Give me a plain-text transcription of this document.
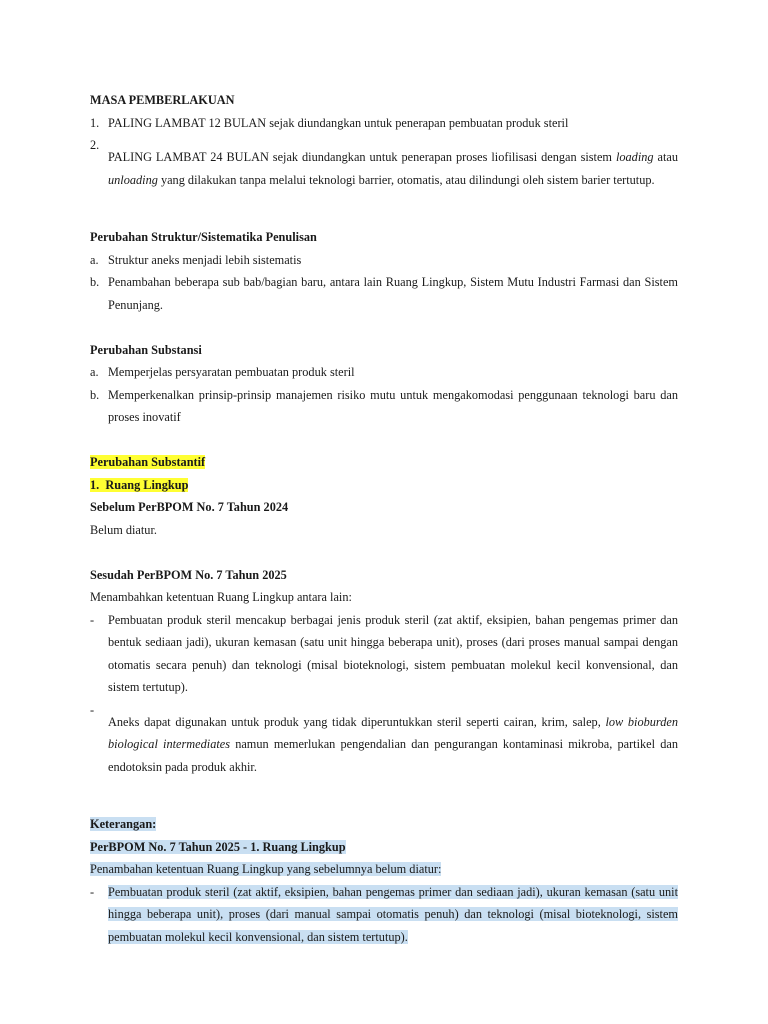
MASA PEMBERLAKUAN
1. PALING LAMBAT 12 BULAN sejak diundangkan untuk penerapan pembuatan produk steril
2.

PALING LAMBAT 24 BULAN sejak diundangkan untuk penerapan proses liofilisasi dengan sistem loading atau unloading yang dilakukan tanpa melalui teknologi barrier, otomatis, atau dilindungi oleh sistem barier tertutup.

Perubahan Struktur/Sistematika Penulisan
a. Struktur aneks menjadi lebih sistematis
b. Penambahan beberapa sub bab/bagian baru, antara lain Ruang Lingkup, Sistem Mutu Industri Farmasi dan Sistem Penunjang.
Perubahan Substansi
a. Memperjelas persyaratan pembuatan produk steril
b. Memperkenalkan prinsip-prinsip manajemen risiko mutu untuk mengakomodasi penggunaan teknologi baru dan proses inovatif
Perubahan Substantif
1.  Ruang Lingkup
Sebelum PerBPOM No. 7 Tahun 2024
Belum diatur.
Sesudah PerBPOM No. 7 Tahun 2025
Menambahkan ketentuan Ruang Lingkup antara lain:
-	Pembuatan produk steril mencakup berbagai jenis produk steril (zat aktif, eksipien, bahan pengemas primer dan bentuk sediaan jadi), ukuran kemasan (satu unit hingga beberapa unit), proses (dari proses manual sampai dengan otomatis secara penuh) dan teknologi (misal bioteknologi, sistem pembuatan molekul kecil konvensional, dan sistem tertutup).
-

Aneks dapat digunakan untuk produk yang tidak diperuntukkan steril seperti cairan, krim, salep, low bioburden biological intermediates namun memerlukan pengendalian dan pengurangan kontaminasi mikroba, partikel dan endotoksin pada produk akhir.

Keterangan:
PerBPOM No. 7 Tahun 2025 - 1. Ruang Lingkup
Penambahan ketentuan Ruang Lingkup yang sebelumnya belum diatur:
-	Pembuatan produk steril (zat aktif, eksipien, bahan pengemas primer dan sediaan jadi), ukuran kemasan (satu unit hingga beberapa unit), proses (dari manual sampai otomatis penuh) dan teknologi (misal bioteknologi, sistem pembuatan molekul kecil konvensional, dan sistem tertutup).
